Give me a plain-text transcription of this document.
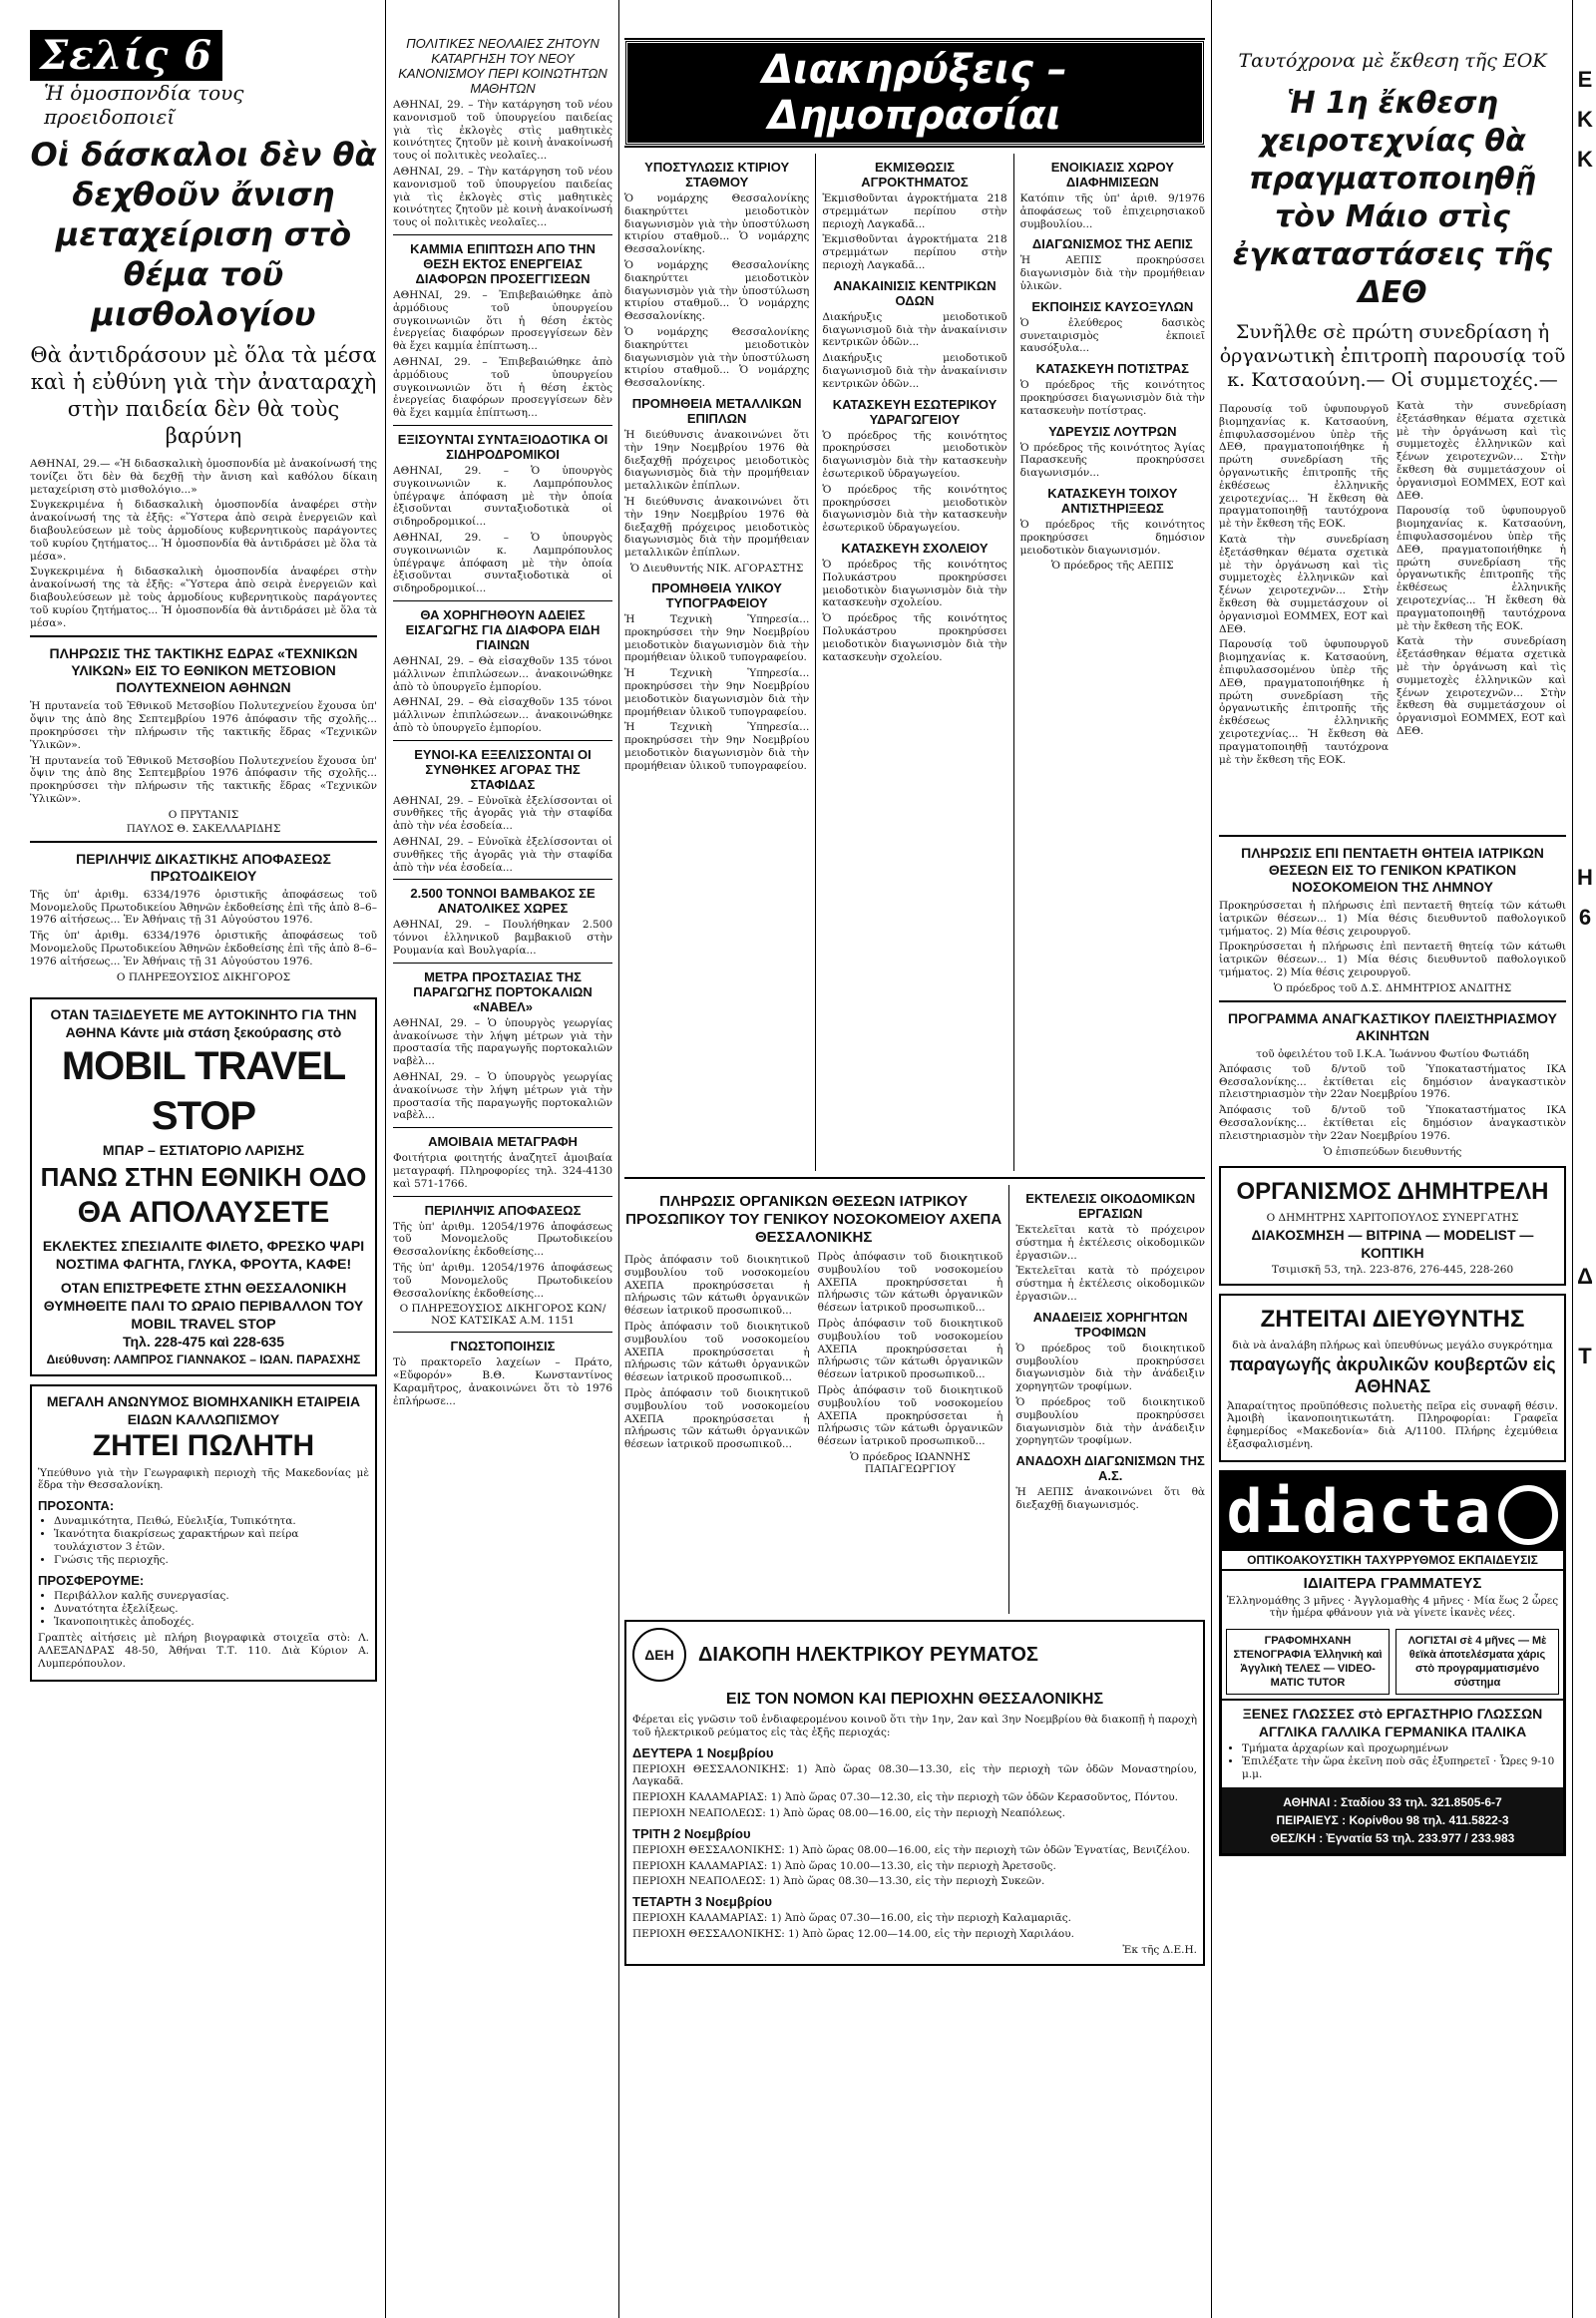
Σελίς 6 Ἡ ὁμοσπονδία τους προειδοποιεῖ
Οἱ δάσκαλοι δὲν θὰ δεχθοῦν ἄνιση μεταχείριση στὸ θέμα τοῦ μισθολογίου
Θὰ ἀντιδράσουν μὲ ὅλα τὰ μέσα καὶ ἡ εὐθύνη γιὰ τὴν ἀναταραχὴ στὴν παιδεία δὲν θὰ τοὺς βαρύνη
ΑΘΗΝΑΙ, 29.— «Ἡ διδασκαλικὴ ὁμοσπονδία μὲ ἀνακοίνωσή της τονίζει ὅτι δὲν θὰ δεχθῇ τὴν ἄνιση καὶ καθόλου δίκαιη μεταχείριση στὸ μισθολόγιο...»
Συγκεκριμένα ἡ διδασκαλικὴ ὁμοσπονδία ἀναφέρει στὴν ἀνακοίνωσή της τὰ ἑξῆς: «Ὕστερα ἀπὸ σειρὰ ἐνεργειῶν καὶ διαβουλεύσεων μὲ τοὺς ἁρμοδίους κυβερνητικοὺς παράγοντες τοῦ κυρίου ζητήματος... Ἡ ὁμοσπονδία θὰ ἀντιδράσει μὲ ὅλα τὰ μέσα».
Συγκεκριμένα ἡ διδασκαλικὴ ὁμοσπονδία ἀναφέρει στὴν ἀνακοίνωσή της τὰ ἑξῆς: «Ὕστερα ἀπὸ σειρὰ ἐνεργειῶν καὶ διαβουλεύσεων μὲ τοὺς ἁρμοδίους κυβερνητικοὺς παράγοντες τοῦ κυρίου ζητήματος... Ἡ ὁμοσπονδία θὰ ἀντιδράσει μὲ ὅλα τὰ μέσα».
ΠΛΗΡΩΣΙΣ ΤΗΣ ΤΑΚΤΙΚΗΣ ΕΔΡΑΣ «ΤΕΧΝΙΚΩΝ ΥΛΙΚΩΝ» ΕΙΣ ΤΟ ΕΘΝΙΚΟΝ ΜΕΤΣΟΒΙΟΝ ΠΟΛΥΤΕΧΝΕΙΟΝ ΑΘΗΝΩΝ
Ἡ πρυτανεία τοῦ Ἐθνικοῦ Μετσοβίου Πολυτεχνείου ἔχουσα ὑπ' ὄψιν της ἀπὸ 8ης Σεπτεμβρίου 1976 ἀπόφασιν τῆς σχολῆς... προκηρύσσει τὴν πλήρωσιν τῆς τακτικῆς ἕδρας «Τεχνικῶν Ὑλικῶν».
Ἡ πρυτανεία τοῦ Ἐθνικοῦ Μετσοβίου Πολυτεχνείου ἔχουσα ὑπ' ὄψιν της ἀπὸ 8ης Σεπτεμβρίου 1976 ἀπόφασιν τῆς σχολῆς... προκηρύσσει τὴν πλήρωσιν τῆς τακτικῆς ἕδρας «Τεχνικῶν Ὑλικῶν».
Ο ΠΡΥΤΑΝΙΣ
ΠΑΥΛΟΣ Θ. ΣΑΚΕΛΛΑΡΙΔΗΣ
ΠΕΡΙΛΗΨΙΣ ΔΙΚΑΣΤΙΚΗΣ ΑΠΟΦΑΣΕΩΣ ΠΡΩΤΟΔΙΚΕΙΟΥ
Τῆς ὑπ' ἀριθμ. 6334/1976 ὁριστικῆς ἀποφάσεως τοῦ Μονομελοῦς Πρωτοδικείου Ἀθηνῶν ἐκδοθείσης ἐπὶ τῆς ἀπὸ 8–6–1976 αἰτήσεως... Ἐν Ἀθήναις τῇ 31 Αὐγούστου 1976.
Τῆς ὑπ' ἀριθμ. 6334/1976 ὁριστικῆς ἀποφάσεως τοῦ Μονομελοῦς Πρωτοδικείου Ἀθηνῶν ἐκδοθείσης ἐπὶ τῆς ἀπὸ 8–6–1976 αἰτήσεως... Ἐν Ἀθήναις τῇ 31 Αὐγούστου 1976.
Ο ΠΛΗΡΕΞΟΥΣΙΟΣ ΔΙΚΗΓΟΡΟΣ
ΟΤΑΝ ΤΑΞΙΔΕΥΕΤΕ ΜΕ ΑΥΤΟΚΙΝΗΤΟ ΓΙΑ ΤΗΝ ΑΘΗΝΑ Κάντε μιὰ στάση ξεκούρασης στὸ
MOBIL TRAVEL STOP
ΜΠΑΡ – ΕΣΤΙΑΤΟΡΙΟ ΛΑΡΙΣΗΣ
ΠΑΝΩ ΣΤΗΝ ΕΘΝΙΚΗ ΟΔΟ
ΘΑ ΑΠΟΛΑΥΣΕΤΕ
ΕΚΛΕΚΤΕΣ ΣΠΕΣΙΑΛΙΤΕ ΦΙΛΕΤΟ, ΦΡΕΣΚΟ ΨΑΡΙ ΝΟΣΤΙΜΑ ΦΑΓΗΤΑ, ΓΛΥΚΑ, ΦΡΟΥΤΑ, ΚΑΦΕ!
ΟΤΑΝ ΕΠΙΣΤΡΕΦΕΤΕ ΣΤΗΝ ΘΕΣΣΑΛΟΝΙΚΗ ΘΥΜΗΘΕΙΤΕ ΠΑΛΙ ΤΟ ΩΡΑΙΟ ΠΕΡΙΒΑΛΛΟΝ ΤΟΥ MOBIL TRAVEL STOP
Τηλ. 228-475 καὶ 228-635
Διεύθυνση: ΛΑΜΠΡΟΣ ΓΙΑΝΝΑΚΟΣ – ΙΩΑΝ. ΠΑΡΑΣΧΗΣ
ΜΕΓΑΛΗ ΑΝΩΝΥΜΟΣ ΒΙΟΜΗΧΑΝΙΚΗ ΕΤΑΙΡΕΙΑ ΕΙΔΩΝ ΚΑΛΛΩΠΙΣΜΟΥ
ΖΗΤΕΙ ΠΩΛΗΤΗ
Ὑπεύθυνο γιὰ τὴν Γεωγραφικὴ περιοχὴ τῆς Μακεδονίας μὲ ἕδρα τὴν Θεσσαλονίκη.
ΠΡΟΣΟΝΤΑ:
• Δυναμικότητα, Πειθώ, Εὐελιξία, Τυπικότητα.
• Ἱκανότητα διακρίσεως χαρακτήρων καὶ πείρα τουλάχιστον 3 ἐτῶν.
• Γνώσις τῆς περιοχῆς.
ΠΡΟΣΦΕΡΟΥΜΕ:
• Περιβάλλον καλῆς συνεργασίας.
• Δυνατότητα ἐξελίξεως.
• Ἱκανοποιητικὲς ἀποδοχές.
Γραπτὲς αἰτήσεις μὲ πλήρη βιογραφικὰ στοιχεῖα στὸ: Λ. ΑΛΕΞΑΝΔΡΑΣ 48-50, Ἀθήναι Τ.Τ. 110. Διὰ Κύριον Α. Λυμπερόπουλον.
ΠΟΛΙΤΙΚΕΣ ΝΕΟΛΑΙΕΣ ΖΗΤΟΥΝ ΚΑΤΑΡΓΗΣΗ ΤΟΥ ΝΕΟΥ ΚΑΝΟΝΙΣΜΟΥ ΠΕΡΙ ΚΟΙΝΩΤΗΤΩΝ ΜΑΘΗΤΩΝ
ΑΘΗΝΑΙ, 29. – Τὴν κατάργηση τοῦ νέου κανονισμοῦ τοῦ ὑπουργείου παιδείας γιὰ τὶς ἐκλογὲς στὶς μαθητικὲς κοινότητες ζητοῦν μὲ κοινὴ ἀνακοίνωσή τους οἱ πολιτικὲς νεολαῖες...
ΑΘΗΝΑΙ, 29. – Τὴν κατάργηση τοῦ νέου κανονισμοῦ τοῦ ὑπουργείου παιδείας γιὰ τὶς ἐκλογὲς στὶς μαθητικὲς κοινότητες ζητοῦν μὲ κοινὴ ἀνακοίνωσή τους οἱ πολιτικὲς νεολαῖες...
ΚΑΜΜΙΑ ΕΠΙΠΤΩΣΗ ΑΠΟ ΤΗΝ ΘΕΣΗ ΕΚΤΟΣ ΕΝΕΡΓΕΙΑΣ ΔΙΑΦΟΡΩΝ ΠΡΟΣΕΓΓΙΣΕΩΝ
ΑΘΗΝΑΙ, 29. – Ἐπιβεβαιώθηκε ἀπὸ ἁρμόδιους τοῦ ὑπουργείου συγκοινωνιῶν ὅτι ἡ θέση ἐκτὸς ἐνεργείας διαφόρων προσεγγίσεων δὲν θὰ ἔχει καμμία ἐπίπτωση...
ΑΘΗΝΑΙ, 29. – Ἐπιβεβαιώθηκε ἀπὸ ἁρμόδιους τοῦ ὑπουργείου συγκοινωνιῶν ὅτι ἡ θέση ἐκτὸς ἐνεργείας διαφόρων προσεγγίσεων δὲν θὰ ἔχει καμμία ἐπίπτωση...
ΕΞΙΣΟΥΝΤΑΙ ΣΥΝΤΑΞΙΟΔΟΤΙΚΑ ΟΙ ΣΙΔΗΡΟΔΡΟΜΙΚΟΙ
ΑΘΗΝΑΙ, 29. – Ὁ ὑπουργὸς συγκοινωνιῶν κ. Λαμπρόπουλος ὑπέγραψε ἀπόφαση μὲ τὴν ὁποία ἐξισοῦνται συνταξιοδοτικὰ οἱ σιδηροδρομικοί...
ΑΘΗΝΑΙ, 29. – Ὁ ὑπουργὸς συγκοινωνιῶν κ. Λαμπρόπουλος ὑπέγραψε ἀπόφαση μὲ τὴν ὁποία ἐξισοῦνται συνταξιοδοτικὰ οἱ σιδηροδρομικοί...
ΘΑ ΧΟΡΗΓΗΘΟΥΝ ΑΔΕΙΕΣ ΕΙΣΑΓΩΓΗΣ ΓΙΑ ΔΙΑΦΟΡΑ ΕΙΔΗ ΓΙΑΙΝΩΝ
ΑΘΗΝΑΙ, 29. – Θὰ εἰσαχθοῦν 135 τόνοι μάλλινων ἐπιπλώσεων... ἀνακοινώθηκε ἀπὸ τὸ ὑπουργεῖο ἐμπορίου.
ΑΘΗΝΑΙ, 29. – Θὰ εἰσαχθοῦν 135 τόνοι μάλλινων ἐπιπλώσεων... ἀνακοινώθηκε ἀπὸ τὸ ὑπουργεῖο ἐμπορίου.
ΕΥΝΟΙ-ΚΑ ΕΞΕΛΙΣΣΟΝΤΑΙ ΟΙ ΣΥΝΘΗΚΕΣ ΑΓΟΡΑΣ ΤΗΣ ΣΤΑΦΙΔΑΣ
ΑΘΗΝΑΙ, 29. – Εὐνοϊκὰ ἐξελίσσονται οἱ συνθῆκες τῆς ἀγορᾶς γιὰ τὴν σταφίδα ἀπὸ τὴν νέα ἐσοδεία...
ΑΘΗΝΑΙ, 29. – Εὐνοϊκὰ ἐξελίσσονται οἱ συνθῆκες τῆς ἀγορᾶς γιὰ τὴν σταφίδα ἀπὸ τὴν νέα ἐσοδεία...
2.500 ΤΟΝΝΟΙ ΒΑΜΒΑΚΟΣ ΣΕ ΑΝΑΤΟΛΙΚΕΣ ΧΩΡΕΣ
ΑΘΗΝΑΙ, 29. – Πουλήθηκαν 2.500 τόννοι ἑλληνικοῦ βαμβακιοῦ στὴν Ρουμανία καὶ Βουλγαρία...
ΜΕΤΡΑ ΠΡΟΣΤΑΣΙΑΣ ΤΗΣ ΠΑΡΑΓΩΓΗΣ ΠΟΡΤΟΚΑΛΙΩΝ «ΝΑΒΕΛ»
ΑΘΗΝΑΙ, 29. – Ὁ ὑπουργὸς γεωργίας ἀνακοίνωσε τὴν λήψη μέτρων γιὰ τὴν προστασία τῆς παραγωγῆς πορτοκαλιῶν ναβὲλ...
ΑΘΗΝΑΙ, 29. – Ὁ ὑπουργὸς γεωργίας ἀνακοίνωσε τὴν λήψη μέτρων γιὰ τὴν προστασία τῆς παραγωγῆς πορτοκαλιῶν ναβὲλ...
ΑΜΟΙΒΑΙΑ ΜΕΤΑΓΡΑΦΗ
Φοιτήτρια φοιτητής ἀναζητεῖ ἀμοιβαία μεταγραφή. Πληροφορίες τηλ. 324-4130 καὶ 571-1766.
ΠΕΡΙΛΗΨΙΣ ΑΠΟΦΑΣΕΩΣ
Τῆς ὑπ' ἀριθμ. 12054/1976 ἀποφάσεως τοῦ Μονομελοῦς Πρωτοδικείου Θεσσαλονίκης ἐκδοθείσης...
Τῆς ὑπ' ἀριθμ. 12054/1976 ἀποφάσεως τοῦ Μονομελοῦς Πρωτοδικείου Θεσσαλονίκης ἐκδοθείσης...
Ο ΠΛΗΡΕΞΟΥΣΙΟΣ ΔΙΚΗΓΟΡΟΣ ΚΩΝ/ΝΟΣ ΚΑΤΣΙΚΑΣ Α.Μ. 1151
ΓΝΩΣΤΟΠΟΙΗΣΙΣ
Τὸ πρακτορεῖο λαχείων – Πράτο, «Εὔφορόν» Β.Θ. Κωνσταντίνος Καραμῆτρος, ἀνακοινώνει ὅτι τὸ 1976 ἐπλήρωσε...
Διακηρύξεις – Δημοπρασίαι
ΥΠΟΣΤΥΛΩΣΙΣ ΚΤΙΡΙΟΥ ΣΤΑΘΜΟΥ
Ὁ νομάρχης Θεσσαλονίκης διακηρύττει μειοδοτικὸν διαγωνισμὸν γιὰ τὴν ὑποστύλωση κτιρίου σταθμοῦ... Ὁ νομάρχης Θεσσαλονίκης.
Ὁ νομάρχης Θεσσαλονίκης διακηρύττει μειοδοτικὸν διαγωνισμὸν γιὰ τὴν ὑποστύλωση κτιρίου σταθμοῦ... Ὁ νομάρχης Θεσσαλονίκης.
Ὁ νομάρχης Θεσσαλονίκης διακηρύττει μειοδοτικὸν διαγωνισμὸν γιὰ τὴν ὑποστύλωση κτιρίου σταθμοῦ... Ὁ νομάρχης Θεσσαλονίκης.
ΠΡΟΜΗΘΕΙΑ ΜΕΤΑΛΛΙΚΩΝ ΕΠΙΠΛΩΝ
Ἡ διεύθυνσις ἀνακοινώνει ὅτι τὴν 19ην Νοεμβρίου 1976 θὰ διεξαχθῇ πρόχειρος μειοδοτικὸς διαγωνισμὸς διὰ τὴν προμήθειαν μεταλλικῶν ἐπίπλων.
Ἡ διεύθυνσις ἀνακοινώνει ὅτι τὴν 19ην Νοεμβρίου 1976 θὰ διεξαχθῇ πρόχειρος μειοδοτικὸς διαγωνισμὸς διὰ τὴν προμήθειαν μεταλλικῶν ἐπίπλων.
Ὁ Διευθυντής ΝΙΚ. ΑΓΟΡΑΣΤΗΣ
ΠΡΟΜΗΘΕΙΑ ΥΛΙΚΟΥ ΤΥΠΟΓΡΑΦΕΙΟΥ
Ἡ Τεχνικὴ Ὑπηρεσία... προκηρύσσει τὴν 9ην Νοεμβρίου μειοδοτικὸν διαγωνισμὸν διὰ τὴν προμήθειαν ὑλικοῦ τυπογραφείου.
Ἡ Τεχνικὴ Ὑπηρεσία... προκηρύσσει τὴν 9ην Νοεμβρίου μειοδοτικὸν διαγωνισμὸν διὰ τὴν προμήθειαν ὑλικοῦ τυπογραφείου.
Ἡ Τεχνικὴ Ὑπηρεσία... προκηρύσσει τὴν 9ην Νοεμβρίου μειοδοτικὸν διαγωνισμὸν διὰ τὴν προμήθειαν ὑλικοῦ τυπογραφείου.
ΕΚΜΙΣΘΩΣΙΣ ΑΓΡΟΚΤΗΜΑΤΟΣ
Ἐκμισθοῦνται ἀγροκτήματα 218 στρεμμάτων περίπου στὴν περιοχὴ Λαγκαδᾶ...
Ἐκμισθοῦνται ἀγροκτήματα 218 στρεμμάτων περίπου στὴν περιοχὴ Λαγκαδᾶ...
ΑΝΑΚΑΙΝΙΣΙΣ ΚΕΝΤΡΙΚΩΝ ΟΔΩΝ
Διακήρυξις μειοδοτικοῦ διαγωνισμοῦ διὰ τὴν ἀνακαίνισιν κεντρικῶν ὁδῶν...
Διακήρυξις μειοδοτικοῦ διαγωνισμοῦ διὰ τὴν ἀνακαίνισιν κεντρικῶν ὁδῶν...
ΚΑΤΑΣΚΕΥΗ ΕΣΩΤΕΡΙΚΟΥ ΥΔΡΑΓΩΓΕΙΟΥ
Ὁ πρόεδρος τῆς κοινότητος προκηρύσσει μειοδοτικὸν διαγωνισμὸν διὰ τὴν κατασκευὴν ἐσωτερικοῦ ὑδραγωγείου.
Ὁ πρόεδρος τῆς κοινότητος προκηρύσσει μειοδοτικὸν διαγωνισμὸν διὰ τὴν κατασκευὴν ἐσωτερικοῦ ὑδραγωγείου.
ΚΑΤΑΣΚΕΥΗ ΣΧΟΛΕΙΟΥ
Ὁ πρόεδρος τῆς κοινότητος Πολυκάστρου προκηρύσσει μειοδοτικὸν διαγωνισμὸν διὰ τὴν κατασκευὴν σχολείου.
Ὁ πρόεδρος τῆς κοινότητος Πολυκάστρου προκηρύσσει μειοδοτικὸν διαγωνισμὸν διὰ τὴν κατασκευὴν σχολείου.
ΕΝΟΙΚΙΑΣΙΣ ΧΩΡΟΥ ΔΙΑΦΗΜΙΣΕΩΝ
Κατόπιν τῆς ὑπ' ἀριθ. 9/1976 ἀποφάσεως τοῦ ἐπιχειρησιακοῦ συμβουλίου...
ΔΙΑΓΩΝΙΣΜΟΣ ΤΗΣ ΑΕΠΙΣ
Ἡ ΑΕΠΙΣ προκηρύσσει διαγωνισμὸν διὰ τὴν προμήθειαν ὑλικῶν.
ΕΚΠΟΙΗΣΙΣ ΚΑΥΣΟΞΥΛΩΝ
Ὁ ἐλεύθερος δασικὸς συνεταιρισμὸς ἐκποιεῖ καυσόξυλα...
ΚΑΤΑΣΚΕΥΗ ΠΟΤΙΣΤΡΑΣ
Ὁ πρόεδρος τῆς κοινότητος προκηρύσσει διαγωνισμὸν διὰ τὴν κατασκευὴν ποτίστρας.
ΥΔΡΕΥΣΙΣ ΛΟΥΤΡΩΝ
Ὁ πρόεδρος τῆς κοινότητος Ἀγίας Παρασκευῆς προκηρύσσει διαγωνισμόν...
ΚΑΤΑΣΚΕΥΗ ΤΟΙΧΟΥ ΑΝΤΙΣΤΗΡΙΞΕΩΣ
Ὁ πρόεδρος τῆς κοινότητος προκηρύσσει δημόσιον μειοδοτικὸν διαγωνισμόν.
Ὁ πρόεδρος τῆς ΑΕΠΙΣ
ΠΛΗΡΩΣΙΣ ΟΡΓΑΝΙΚΩΝ ΘΕΣΕΩΝ ΙΑΤΡΙΚΟΥ ΠΡΟΣΩΠΙΚΟΥ ΤΟΥ ΓΕΝΙΚΟΥ ΝΟΣΟΚΟΜΕΙΟΥ ΑΧΕΠΑ ΘΕΣΣΑΛΟΝΙΚΗΣ
Πρὸς ἀπόφασιν τοῦ διοικητικοῦ συμβουλίου τοῦ νοσοκομείου ΑΧΕΠΑ προκηρύσσεται ἡ πλήρωσις τῶν κάτωθι ὀργανικῶν θέσεων ἰατρικοῦ προσωπικοῦ...
Πρὸς ἀπόφασιν τοῦ διοικητικοῦ συμβουλίου τοῦ νοσοκομείου ΑΧΕΠΑ προκηρύσσεται ἡ πλήρωσις τῶν κάτωθι ὀργανικῶν θέσεων ἰατρικοῦ προσωπικοῦ...
Πρὸς ἀπόφασιν τοῦ διοικητικοῦ συμβουλίου τοῦ νοσοκομείου ΑΧΕΠΑ προκηρύσσεται ἡ πλήρωσις τῶν κάτωθι ὀργανικῶν θέσεων ἰατρικοῦ προσωπικοῦ...
Πρὸς ἀπόφασιν τοῦ διοικητικοῦ συμβουλίου τοῦ νοσοκομείου ΑΧΕΠΑ προκηρύσσεται ἡ πλήρωσις τῶν κάτωθι ὀργανικῶν θέσεων ἰατρικοῦ προσωπικοῦ...
Πρὸς ἀπόφασιν τοῦ διοικητικοῦ συμβουλίου τοῦ νοσοκομείου ΑΧΕΠΑ προκηρύσσεται ἡ πλήρωσις τῶν κάτωθι ὀργανικῶν θέσεων ἰατρικοῦ προσωπικοῦ...
Πρὸς ἀπόφασιν τοῦ διοικητικοῦ συμβουλίου τοῦ νοσοκομείου ΑΧΕΠΑ προκηρύσσεται ἡ πλήρωσις τῶν κάτωθι ὀργανικῶν θέσεων ἰατρικοῦ προσωπικοῦ...
Ὁ πρόεδρος ΙΩΑΝΝΗΣ ΠΑΠΑΓΕΩΡΓΙΟΥ
ΕΚΤΕΛΕΣΙΣ ΟΙΚΟΔΟΜΙΚΩΝ ΕΡΓΑΣΙΩΝ
Ἐκτελεῖται κατὰ τὸ πρόχειρον σύστημα ἡ ἐκτέλεσις οἰκοδομικῶν ἐργασιῶν...
Ἐκτελεῖται κατὰ τὸ πρόχειρον σύστημα ἡ ἐκτέλεσις οἰκοδομικῶν ἐργασιῶν...
ΑΝΑΔΕΙΞΙΣ ΧΟΡΗΓΗΤΩΝ ΤΡΟΦΙΜΩΝ
Ὁ πρόεδρος τοῦ διοικητικοῦ συμβουλίου προκηρύσσει διαγωνισμὸν διὰ τὴν ἀνάδειξιν χορηγητῶν τροφίμων.
Ὁ πρόεδρος τοῦ διοικητικοῦ συμβουλίου προκηρύσσει διαγωνισμὸν διὰ τὴν ἀνάδειξιν χορηγητῶν τροφίμων.
ΑΝΑΔΟΧΗ ΔΙΑΓΩΝΙΣΜΩΝ ΤΗΣ Α.Σ.
Ἡ ΑΕΠΙΣ ἀνακοινώνει ὅτι θὰ διεξαχθῇ διαγωνισμός.
ΔΕΗ	ΔΙΑΚΟΠΗ ΗΛΕΚΤΡΙΚΟΥ ΡΕΥΜΑΤΟΣ
ΕΙΣ ΤΟΝ ΝΟΜΟΝ ΚΑΙ ΠΕΡΙΟΧΗΝ ΘΕΣΣΑΛΟΝΙΚΗΣ
Φέρεται εἰς γνῶσιν τοῦ ἐνδιαφερομένου κοινοῦ ὅτι τὴν 1ην, 2αν καὶ 3ην Νοεμβρίου θὰ διακοπῇ ἡ παροχὴ τοῦ ἠλεκτρικοῦ ρεύματος εἰς τὰς ἑξῆς περιοχάς:
ΔΕΥΤΕΡΑ 1 Νοεμβρίου
ΠΕΡΙΟΧΗ ΘΕΣΣΑΛΟΝΙΚΗΣ: 1) Ἀπὸ ὥρας 08.30—13.30, εἰς τὴν περιοχὴ τῶν ὁδῶν Μοναστηρίου, Λαγκαδᾶ.
ΠΕΡΙΟΧΗ ΚΑΛΑΜΑΡΙΑΣ: 1) Ἀπὸ ὥρας 07.30—12.30, εἰς τὴν περιοχὴ τῶν ὁδῶν Κερασοῦντος, Πόντου.
ΠΕΡΙΟΧΗ ΝΕΑΠΟΛΕΩΣ: 1) Ἀπὸ ὥρας 08.00—16.00, εἰς τὴν περιοχὴ Νεαπόλεως.
ΤΡΙΤΗ 2 Νοεμβρίου
ΠΕΡΙΟΧΗ ΘΕΣΣΑΛΟΝΙΚΗΣ: 1) Ἀπὸ ὥρας 08.00—16.00, εἰς τὴν περιοχὴ τῶν ὁδῶν Ἐγνατίας, Βενιζέλου.
ΠΕΡΙΟΧΗ ΚΑΛΑΜΑΡΙΑΣ: 1) Ἀπὸ ὥρας 10.00—13.30, εἰς τὴν περιοχὴ Ἀρετσοῦς.
ΠΕΡΙΟΧΗ ΝΕΑΠΟΛΕΩΣ: 1) Ἀπὸ ὥρας 08.30—13.30, εἰς τὴν περιοχὴ Συκεῶν.
ΤΕΤΑΡΤΗ 3 Νοεμβρίου
ΠΕΡΙΟΧΗ ΚΑΛΑΜΑΡΙΑΣ: 1) Ἀπὸ ὥρας 07.30—16.00, εἰς τὴν περιοχὴ Καλαμαριᾶς.
ΠΕΡΙΟΧΗ ΘΕΣΣΑΛΟΝΙΚΗΣ: 1) Ἀπὸ ὥρας 12.00—14.00, εἰς τὴν περιοχὴ Χαριλάου.
Ἐκ τῆς Δ.Ε.Η.
Ταυτόχρονα μὲ ἔκθεση τῆς ΕΟΚ
Ἡ 1η ἔκθεση χειροτεχνίας θὰ πραγματοποιηθῇ τὸν Μάιο στὶς ἐγκαταστάσεις τῆς ΔΕΘ
Συνῆλθε σὲ πρώτη συνεδρίαση ἡ ὀργανωτικὴ ἐπιτροπὴ παρουσίᾳ τοῦ κ. Κατσαούνη.— Οἱ συμμετοχές.—
Παρουσίᾳ τοῦ ὑφυπουργοῦ βιομηχανίας κ. Κατσαούνη, ἐπιφυλασσομένου ὑπὲρ τῆς ΔΕΘ, πραγματοποιήθηκε ἡ πρώτη συνεδρίαση τῆς ὀργανωτικῆς ἐπιτροπῆς τῆς ἐκθέσεως ἑλληνικῆς χειροτεχνίας... Ἡ ἔκθεση θὰ πραγματοποιηθῇ ταυτόχρονα μὲ τὴν ἔκθεση τῆς ΕΟΚ.
Κατὰ τὴν συνεδρίαση ἐξετάσθηκαν θέματα σχετικὰ μὲ τὴν ὀργάνωση καὶ τὶς συμμετοχὲς ἑλληνικῶν καὶ ξένων χειροτεχνῶν... Στὴν ἔκθεση θὰ συμμετάσχουν οἱ ὀργανισμοὶ ΕΟΜΜΕΧ, ΕΟΤ καὶ ΔΕΘ.
Παρουσίᾳ τοῦ ὑφυπουργοῦ βιομηχανίας κ. Κατσαούνη, ἐπιφυλασσομένου ὑπὲρ τῆς ΔΕΘ, πραγματοποιήθηκε ἡ πρώτη συνεδρίαση τῆς ὀργανωτικῆς ἐπιτροπῆς τῆς ἐκθέσεως ἑλληνικῆς χειροτεχνίας... Ἡ ἔκθεση θὰ πραγματοποιηθῇ ταυτόχρονα μὲ τὴν ἔκθεση τῆς ΕΟΚ.
Κατὰ τὴν συνεδρίαση ἐξετάσθηκαν θέματα σχετικὰ μὲ τὴν ὀργάνωση καὶ τὶς συμμετοχὲς ἑλληνικῶν καὶ ξένων χειροτεχνῶν... Στὴν ἔκθεση θὰ συμμετάσχουν οἱ ὀργανισμοὶ ΕΟΜΜΕΧ, ΕΟΤ καὶ ΔΕΘ.
Παρουσίᾳ τοῦ ὑφυπουργοῦ βιομηχανίας κ. Κατσαούνη, ἐπιφυλασσομένου ὑπὲρ τῆς ΔΕΘ, πραγματοποιήθηκε ἡ πρώτη συνεδρίαση τῆς ὀργανωτικῆς ἐπιτροπῆς τῆς ἐκθέσεως ἑλληνικῆς χειροτεχνίας... Ἡ ἔκθεση θὰ πραγματοποιηθῇ ταυτόχρονα μὲ τὴν ἔκθεση τῆς ΕΟΚ.
Κατὰ τὴν συνεδρίαση ἐξετάσθηκαν θέματα σχετικὰ μὲ τὴν ὀργάνωση καὶ τὶς συμμετοχὲς ἑλληνικῶν καὶ ξένων χειροτεχνῶν... Στὴν ἔκθεση θὰ συμμετάσχουν οἱ ὀργανισμοὶ ΕΟΜΜΕΧ, ΕΟΤ καὶ ΔΕΘ.
ΠΛΗΡΩΣΙΣ ΕΠΙ ΠΕΝΤΑΕΤΗ ΘΗΤΕΙΑ ΙΑΤΡΙΚΩΝ ΘΕΣΕΩΝ ΕΙΣ ΤΟ ΓΕΝΙΚΟΝ ΚΡΑΤΙΚΟΝ ΝΟΣΟΚΟΜΕΙΟΝ ΤΗΣ ΛΗΜΝΟΥ
Προκηρύσσεται ἡ πλήρωσις ἐπὶ πενταετῆ θητείᾳ τῶν κάτωθι ἰατρικῶν θέσεων... 1) Μία θέσις διευθυντοῦ παθολογικοῦ τμήματος. 2) Μία θέσις χειρουργοῦ.
Προκηρύσσεται ἡ πλήρωσις ἐπὶ πενταετῆ θητείᾳ τῶν κάτωθι ἰατρικῶν θέσεων... 1) Μία θέσις διευθυντοῦ παθολογικοῦ τμήματος. 2) Μία θέσις χειρουργοῦ.
Ὁ πρόεδρος τοῦ Δ.Σ. ΔΗΜΗΤΡΙΟΣ ΑΝΔΙΤΗΣ
ΠΡΟΓΡΑΜΜΑ ΑΝΑΓΚΑΣΤΙΚΟΥ ΠΛΕΙΣΤΗΡΙΑΣΜΟΥ ΑΚΙΝΗΤΩΝ
τοῦ ὀφειλέτου τοῦ Ι.Κ.Α. Ἰωάννου Φωτίου Φωτιάδη
Ἀπόφασις τοῦ δ/ντοῦ τοῦ Ὑποκαταστήματος ΙΚΑ Θεσσαλονίκης... ἐκτίθεται εἰς δημόσιον ἀναγκαστικὸν πλειστηριασμὸν τὴν 22αν Νοεμβρίου 1976.
Ἀπόφασις τοῦ δ/ντοῦ τοῦ Ὑποκαταστήματος ΙΚΑ Θεσσαλονίκης... ἐκτίθεται εἰς δημόσιον ἀναγκαστικὸν πλειστηριασμὸν τὴν 22αν Νοεμβρίου 1976.
Ὁ ἐπισπεύδων διευθυντής
ΟΡΓΑΝΙΣΜΟΣ ΔΗΜΗΤΡΕΛΗ
Ο ΔΗΜΗΤΡΗΣ ΧΑΡΙΤΟΠΟΥΛΟΣ ΣΥΝΕΡΓΑΤΗΣ
ΔΙΑΚΟΣΜΗΣΗ — ΒΙΤΡΙΝΑ — MODELIST — ΚΟΠΤΙΚΗ
Τσιμισκῆ 53, τηλ. 223-876, 276-445, 228-260
ΖΗΤΕΙΤΑΙ ΔΙΕΥΘΥΝΤΗΣ
διὰ νὰ ἀναλάβη πλήρως καὶ ὑπευθύνως μεγάλο συγκρότημα
παραγωγῆς ἀκρυλικῶν κουβερτῶν εἰς ΑΘΗΝΑΣ
Ἀπαραίτητος προϋπόθεσις πολυετὴς πεῖρα εἰς συναφῆ θέσιν. Ἀμοιβὴ ἱκανοποιητικωτάτη. Πληροφορίαι: Γραφεῖα ἐφημερίδος «Μακεδονία» διὰ Α/1100. Πλήρης ἐχεμύθεια ἐξασφαλισμένη.
didacta
ΟΠΤΙΚΟΑΚΟΥΣΤΙΚΗ ΤΑΧΥΡΡΥΘΜΟΣ ΕΚΠΑΙΔΕΥΣΙΣ
ΙΔΙΑΙΤΕΡΑ ΓΡΑΜΜΑΤΕΥΣ
Ἑλληνομάθης 3 μῆνες · Ἀγγλομαθὴς 4 μῆνες · Μία ἕως 2 ὧρες τὴν ἡμέρα φθάνουν γιὰ νὰ γίνετε ἱκανὲς νέες.
ΓΡΑΦΟΜΗΧΑΝΗ ΣΤΕΝΟΓΡΑΦΙΑ Ἑλληνικὴ καὶ Ἀγγλικὴ ΤΕΛΕΣ — VIDEO-MATIC TUTOR
ΛΟΓΙΣΤΑΙ σὲ 4 μῆνες — Μὲ θεϊκὰ ἀποτελέσματα χάρις στὸ προγραμματισμένο σύστημα
ΞΕΝΕΣ ΓΛΩΣΣΕΣ στὸ ΕΡΓΑΣΤΗΡΙΟ ΓΛΩΣΣΩΝ
ΑΓΓΛΙΚΑ ΓΑΛΛΙΚΑ ΓΕΡΜΑΝΙΚΑ ΙΤΑΛΙΚΑ
• Τμήματα ἀρχαρίων καὶ προχωρημένων
• Ἐπιλέξατε τὴν ὥρα ἐκεῖνη ποὺ σᾶς ἐξυπηρετεῖ · Ὧρες 9-10 μ.μ.
ΑΘΗΝΑΙ : Σταδίου 33 τηλ. 321.8505-6-7
ΠΕΙΡΑΙΕΥΣ : Κορίνθου 98 τηλ. 411.5822-3
ΘΕΣ/ΚΗ : Ἐγνατία 53 τηλ. 233.977 / 233.983
Ε
Κ
Κ
Η
6
Δ
Τ
